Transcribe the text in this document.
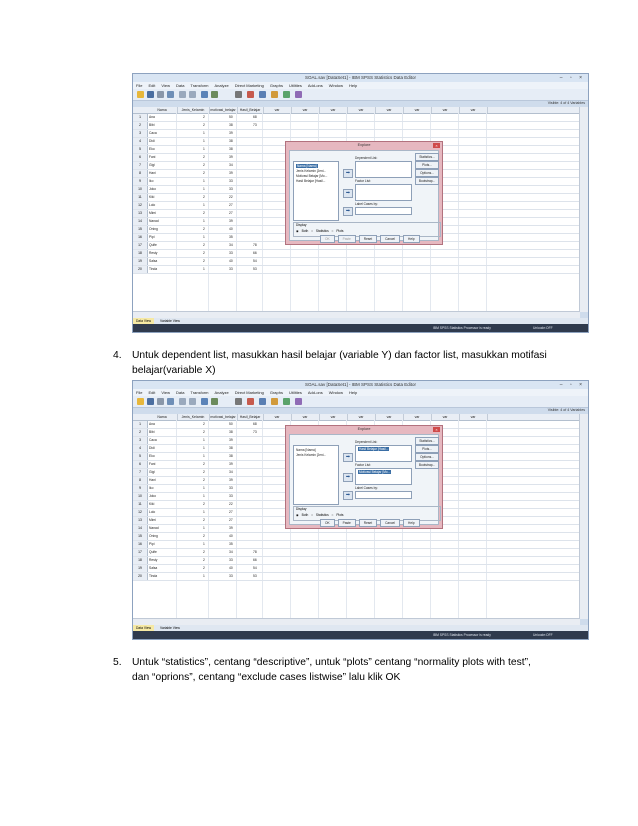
SOAL.sav [DataSet1] - IBM SPSS Statistics Data Editor	– ▫ ×
File Edit View Data Transform Analyze Direct Marketing Graphs Utilities Add-ons Window Help
Visible: 4 of 4 Variables
Nama	Jenis_Kelamin	motivasi_belajar	Hasil_Belajar	var	var	var	var	var	var	var	var
1	Ana	2	50	68
2	Bibi	2	38	73
3	Caca	1	39
4	Didi	1	38
5	Eko	1	38
6	Fani	2	39
7	Gigi	2	34
8	Hani	2	39
9	Iko	1	33
10	Joko	1	33
11	Kiki	2	22
12	Lolo	1	27
13	Mimi	2	27
14	Nanad	1	39
15	Oning	2	40
16	Pipi	1	35
17	Qulfe	2	34	78
18	Resty	2	33	66
19	Salsa	2	40	54
20	Tinda	1	33	53
Data View	Variable View
IBM SPSS Statistics Processor is ready	Unicode:OFF
Explore	×
Nama [Nama]
Jenis Kelamin [Jeni...
Motivasi Belajar [Mo...
Hasil Belajar [Hasil...
Dependent List:
➡
Factor List:
➡
Label Cases by:
➡
Statistics...
Plots...
Options...
Bootstrap...
Display
◉ Both ○ Statistics ○ Plots
OK	Paste	Reset	Cancel	Help
4. Untuk dependent list, masukkan hasil belajar (variable Y) dan factor list, masukkan motifasi
belajar(variable X)
SOAL.sav [DataSet1] - IBM SPSS Statistics Data Editor	– ▫ ×
File Edit View Data Transform Analyze Direct Marketing Graphs Utilities Add-ons Window Help
Visible: 4 of 4 Variables
Nama	Jenis_Kelamin	motivasi_belajar	Hasil_Belajar	var	var	var	var	var	var	var	var
1	Ana	2	50	68
2	Bibi	2	38	73
3	Caca	1	39
4	Didi	1	38
5	Eko	1	38
6	Fani	2	39
7	Gigi	2	34
8	Hani	2	39
9	Iko	1	33
10	Joko	1	33
11	Kiki	2	22
12	Lolo	1	27
13	Mimi	2	27
14	Nanad	1	39
15	Oning	2	40
16	Pipi	1	35
17	Qulfe	2	34	78
18	Resty	2	33	66
19	Salsa	2	40	54
20	Tinda	1	33	53
Data View	Variable View
IBM SPSS Statistics Processor is ready	Unicode:OFF
Explore	×
Nama [Nama]
Jenis Kelamin [Jeni...
Dependent List:
➡
Hasil Belajar [Hasil...
Factor List:
➡
Motivasi Belajar [Mo...
Label Cases by:
➡
Statistics...
Plots...
Options...
Bootstrap...
Display
◉ Both ○ Statistics ○ Plots
OK	Paste	Reset	Cancel	Help
5. Untuk “statistics”, centang “descriptive”, untuk “plots” centang “normality plots with test”,
dan “oprions”, centang “exclude cases listwise” lalu klik OK
